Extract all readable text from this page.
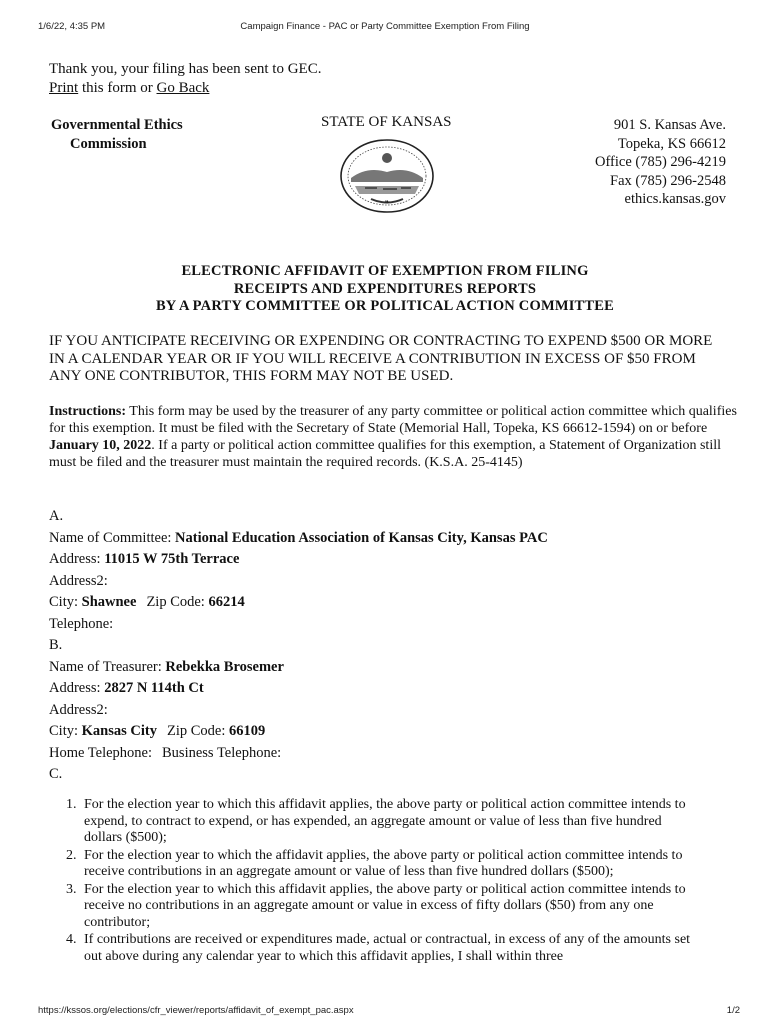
1/6/22, 4:35 PM	Campaign Finance - PAC or Party Committee Exemption From Filing
Thank you, your filing has been sent to GEC.
Print this form or Go Back
Governmental Ethics
Commission
STATE OF KANSAS
❧
901 S. Kansas Ave.
Topeka, KS 66612
Office (785) 296-4219
Fax (785) 296-2548
ethics.kansas.gov
ELECTRONIC AFFIDAVIT OF EXEMPTION FROM FILING
RECEIPTS AND EXPENDITURES REPORTS
BY A PARTY COMMITTEE OR POLITICAL ACTION COMMITTEE
IF YOU ANTICIPATE RECEIVING OR EXPENDING OR CONTRACTING TO EXPEND $500 OR MORE IN A CALENDAR YEAR OR IF YOU WILL RECEIVE A CONTRIBUTION IN EXCESS OF $50 FROM ANY ONE CONTRIBUTOR, THIS FORM MAY NOT BE USED.
Instructions: This form may be used by the treasurer of any party committee or political action committee which qualifies for this exemption. It must be filed with the Secretary of State (Memorial Hall, Topeka, KS 66612-1594) on or before January 10, 2022. If a party or political action committee qualifies for this exemption, a Statement of Organization still must be filed and the treasurer must maintain the required records. (K.S.A. 25-4145)
A.
Name of Committee: National Education Association of Kansas City, Kansas PAC
Address: 11015 W 75th Terrace
Address2:
City: Shawnee Zip Code: 66214
Telephone:
B.
Name of Treasurer: Rebekka Brosemer
Address: 2827 N 114th Ct
Address2:
City: Kansas City Zip Code: 66109
Home Telephone: Business Telephone:
C.
1. For the election year to which this affidavit applies, the above party or political action committee intends to expend, to contract to expend, or has expended, an aggregate amount or value of less than five hundred dollars ($500);
2. For the election year to which the affidavit applies, the above party or political action committee intends to receive contributions in an aggregate amount or value of less than five hundred dollars ($500);
3. For the election year to which this affidavit applies, the above party or political action committee intends to receive no contributions in an aggregate amount or value in excess of fifty dollars ($50) from any one contributor;
4. If contributions are received or expenditures made, actual or contractual, in excess of any of the amounts set out above during any calendar year to which this affidavit applies, I shall within three
https://kssos.org/elections/cfr_viewer/reports/affidavit_of_exempt_pac.aspx	1/2
